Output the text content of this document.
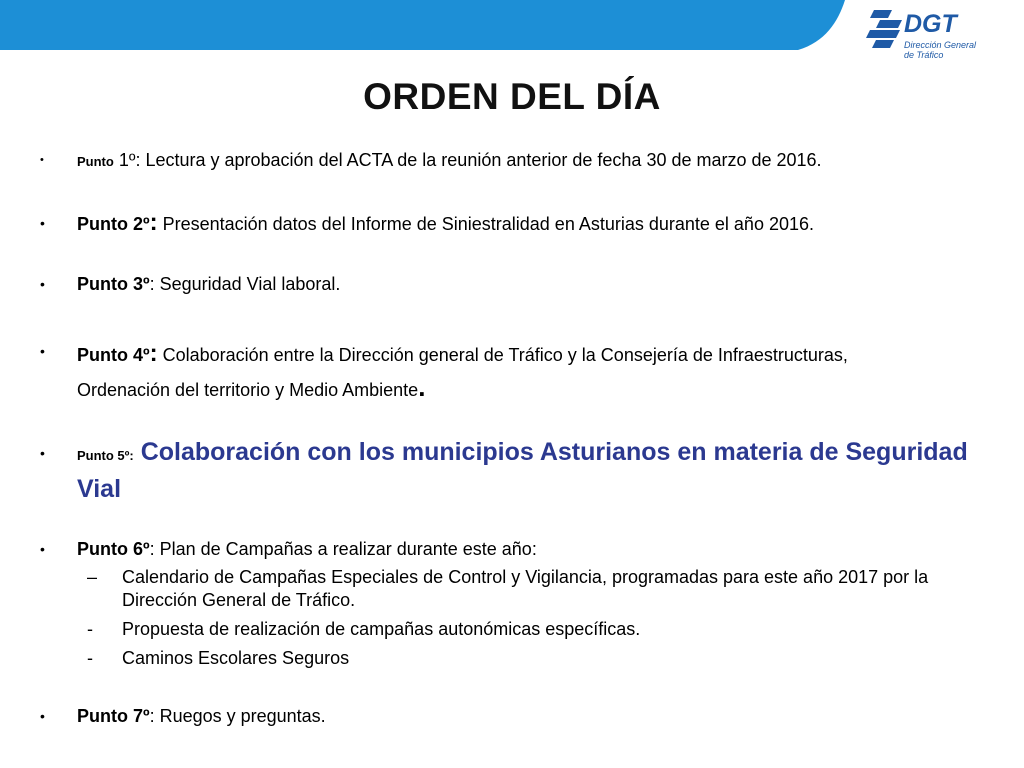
DGT
Dirección General
de Tráfico
ORDEN DEL DÍA
•	Punto 1º: Lectura y aprobación del ACTA de la reunión anterior de fecha 30 de marzo de 2016.
• Punto 2º: Presentación datos del Informe de Siniestralidad en Asturias durante el año 2016.
• Punto 3º: Seguridad Vial laboral.
• Punto 4º: Colaboración entre la Dirección general de Tráfico y la Consejería de Infraestructuras,
Ordenación del territorio y Medio Ambiente.
• Punto 5º: Colaboración con los municipios Asturianos en materia de Seguridad Vial
• Punto 6º: Plan de Campañas a realizar durante este año:
– Calendario de Campañas Especiales de Control y Vigilancia, programadas para este año 2017 por la Dirección General de Tráfico.
- Propuesta de realización de campañas autonómicas específicas.
- Caminos Escolares Seguros
• Punto 7º: Ruegos y preguntas.
